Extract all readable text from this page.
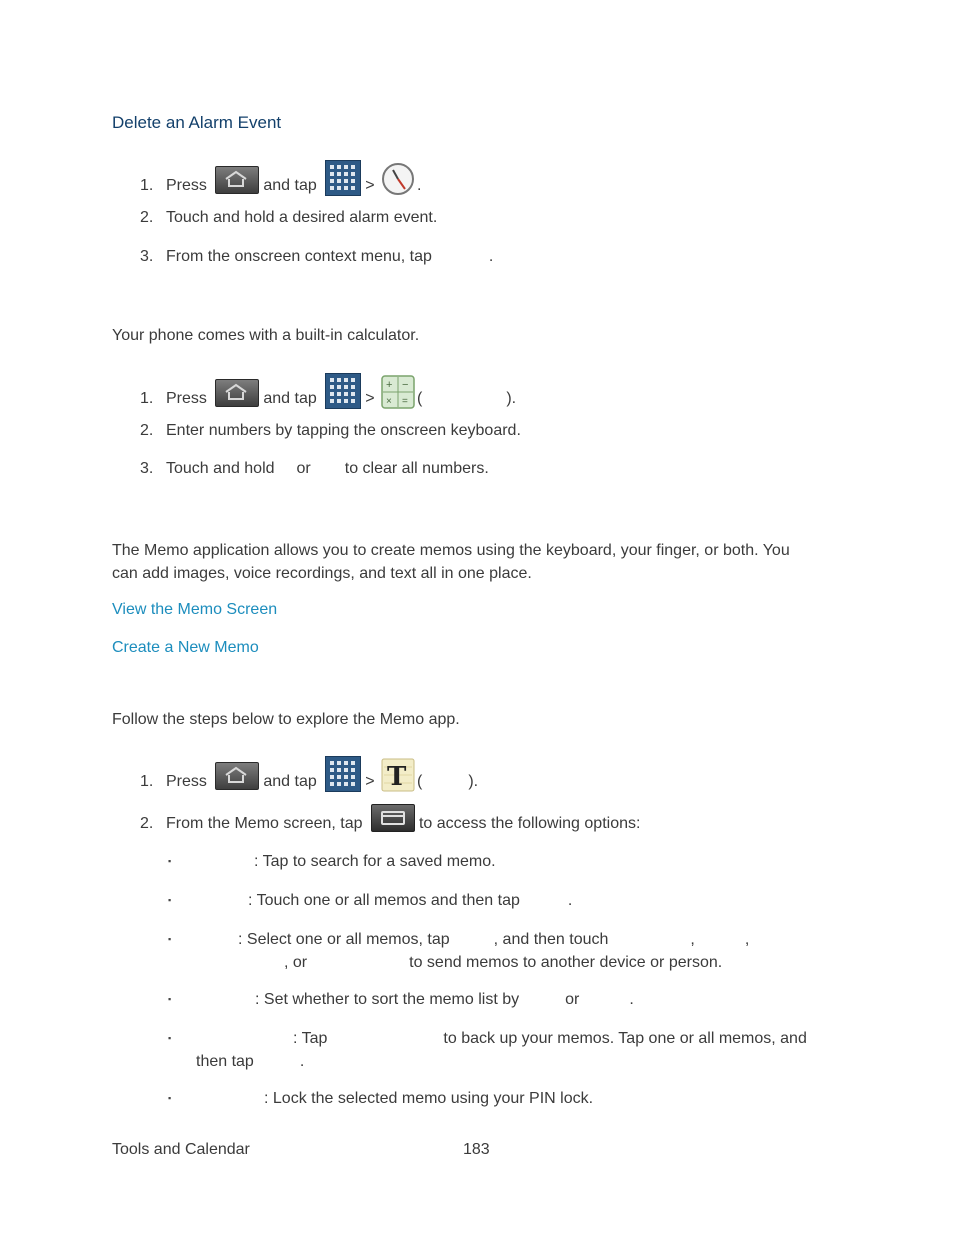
Delete an Alarm Event
1. Press	and tap	>	.
2. Touch and hold a desired alarm event.
3. From the onscreen context menu, tap	.
Your phone comes with a built-in calculator.
1. Press	and tap	>
+ −
× = (	).
2. Enter numbers by tapping the onscreen keyboard.
3. Touch and hold or to clear all numbers.
The Memo application allows you to create memos using the keyboard, your finger, or both. You
can add images, voice recordings, and text all in one place.
View the Memo Screen
Create a New Memo
Follow the steps below to explore the Memo app.
1. Press	and tap	> T (	).
2. From the Memo screen, tap	to access the following options:
▪	: Tap to search for a saved memo.
▪	: Touch one or all memos and then tap	.
▪	: Select one or all memos, tap	, and then touch	,	,
, or	to send memos to another device or person.
▪	: Set whether to sort the memo list by	or	.
▪	: Tap	to back up your memos. Tap one or all memos, and
then tap	.
▪	: Lock the selected memo using your PIN lock.
Tools and Calendar	183
